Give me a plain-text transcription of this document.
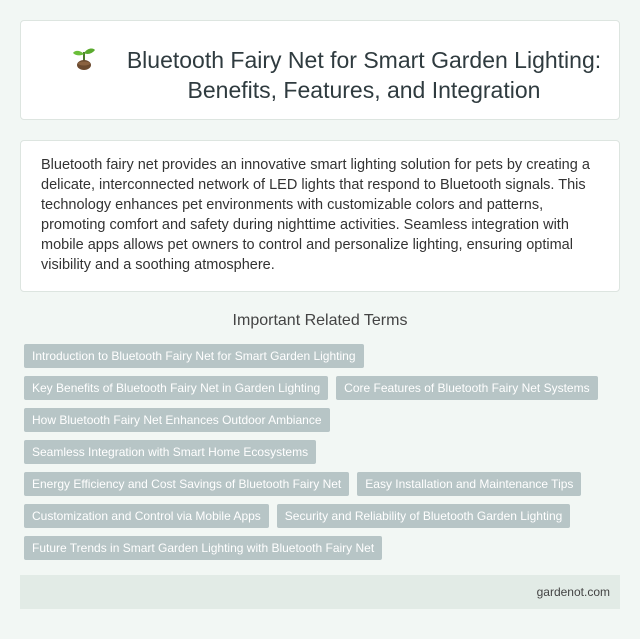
Bluetooth Fairy Net for Smart Garden Lighting: Benefits, Features, and Integration

Bluetooth fairy net provides an innovative smart lighting solution for pets by creating a delicate, interconnected network of LED lights that respond to Bluetooth signals. This technology enhances pet environments with customizable colors and patterns, promoting comfort and safety during nighttime activities. Seamless integration with mobile apps allows pet owners to control and personalize lighting, ensuring optimal visibility and a soothing atmosphere.

Important Related Terms
Introduction to Bluetooth Fairy Net for Smart Garden Lighting
Key Benefits of Bluetooth Fairy Net in Garden Lighting	Core Features of Bluetooth Fairy Net Systems
How Bluetooth Fairy Net Enhances Outdoor Ambiance
Seamless Integration with Smart Home Ecosystems
Energy Efficiency and Cost Savings of Bluetooth Fairy Net	Easy Installation and Maintenance Tips
Customization and Control via Mobile Apps	Security and Reliability of Bluetooth Garden Lighting
Future Trends in Smart Garden Lighting with Bluetooth Fairy Net
gardenot.com
